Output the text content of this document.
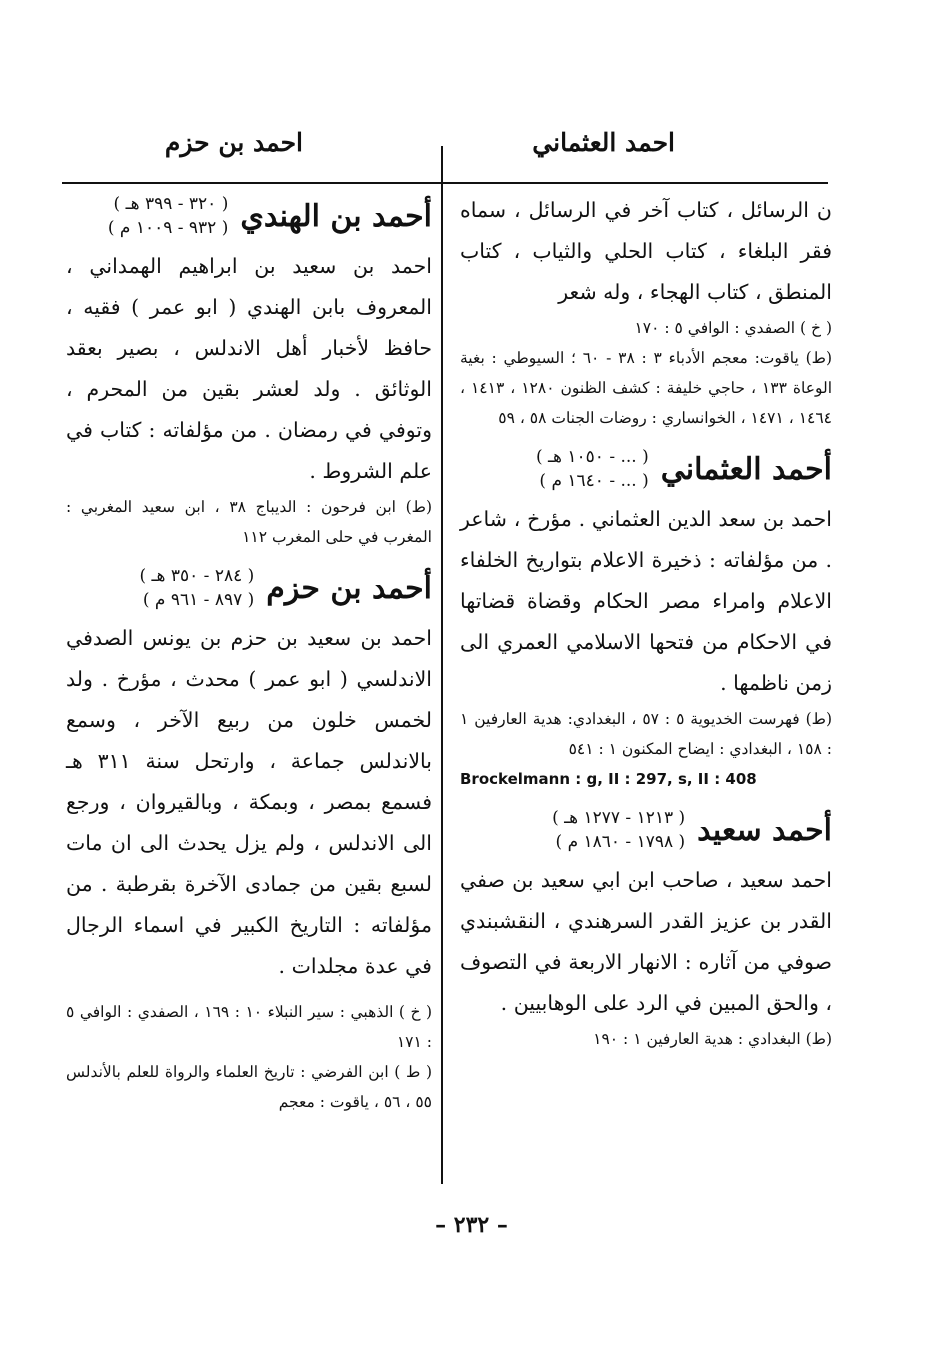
احمد العثماني
احمد بن حزم

ن الرسائل ، كتاب آخر في الرسائل ، سماه فقر البلغاء ، كتاب الحلي والثياب ، كتاب المنطق ، كتاب الهجاء ، وله شعر

( خ ) الصفدي : الوافي ٥ : ١٧٠

(ط) ياقوت: معجم الأدباء ٣ : ٣٨ - ٦٠ ؛ السيوطي : بغية الوعاة ١٣٣ ، حاجي خليفة : كشف الظنون ١٢٨٠ ، ١٤١٣ ، ١٤٦٤ ، ١٤٧١ ، الخوانساري : روضات الجنات ٥٨ ، ٥٩

أحمد العثماني
( ... - ١٠٥٠ هـ )
( ... - ١٦٤٠ م )

احمد بن سعد الدين العثماني . مؤرخ ، شاعر . من مؤلفاته : ذخيرة الاعلام بتواريخ الخلفاء الاعلام وامراء مصر الحكام وقضاة قضاتها في الاحكام من فتحها الاسلامي العمري الى زمن ناظمها .

(ط) فهرست الخديوية ٥ : ٥٧ ، البغدادي: هدية العارفين ١ : ١٥٨ ، البغدادي : ايضاح المكنون ١ : ٥٤١

Brockelmann : g, II : 297, s, II : 408

أحمد سعيد
( ١٢١٣ - ١٢٧٧ هـ )
( ١٧٩٨ - ١٨٦٠ م )

احمد سعيد ، صاحب ابن ابي سعيد بن صفي القدر بن عزيز القدر السرهندي ، النقشبندي صوفي من آثاره : الانهار الاربعة في التصوف ، والحق المبين في الرد على الوهابيين .

(ط) البغدادي : هدية العارفين ١ : ١٩٠

أحمد بن الهندي
( ٣٢٠ - ٣٩٩ هـ )
( ٩٣٢ - ١٠٠٩ م )

احمد بن سعيد بن ابراهيم الهمداني ، المعروف بابن الهندي ( ابو عمر ) فقيه ، حافظ لأخبار أهل الاندلس ، بصير بعقد الوثائق . ولد لعشر بقين من المحرم ، وتوفي في رمضان . من مؤلفاته : كتاب في علم الشروط .

(ط) ابن فرحون : الديباج ٣٨ ، ابن سعيد المغربي : المغرب في حلى المغرب ١١٢

أحمد بن حزم
( ٢٨٤ - ٣٥٠ هـ )
( ٨٩٧ - ٩٦١ م )

احمد بن سعيد بن حزم بن يونس الصدفي الاندلسي ( ابو عمر ) محدث ، مؤرخ . ولد لخمس خلون من ربيع الآخر ، وسمع بالاندلس جماعة ، وارتحل سنة ٣١١ هـ فسمع بمصر ، وبمكة ، وبالقيروان ، ورجع الى الاندلس ، ولم يزل يحدث الى ان مات لسبع بقين من جمادى الآخرة بقرطبة . من مؤلفاته : التاريخ الكبير في اسماء الرجال في عدة مجلدات .

( خ ) الذهبي : سير النبلاء ١٠ : ١٦٩ ، الصفدي : الوافي ٥ : ١٧١

( ط ) ابن الفرضي : تاريخ العلماء والرواة للعلم بالأندلس ٥٥ ، ٥٦ ، ياقوت : معجم

– ٢٣٢ –
